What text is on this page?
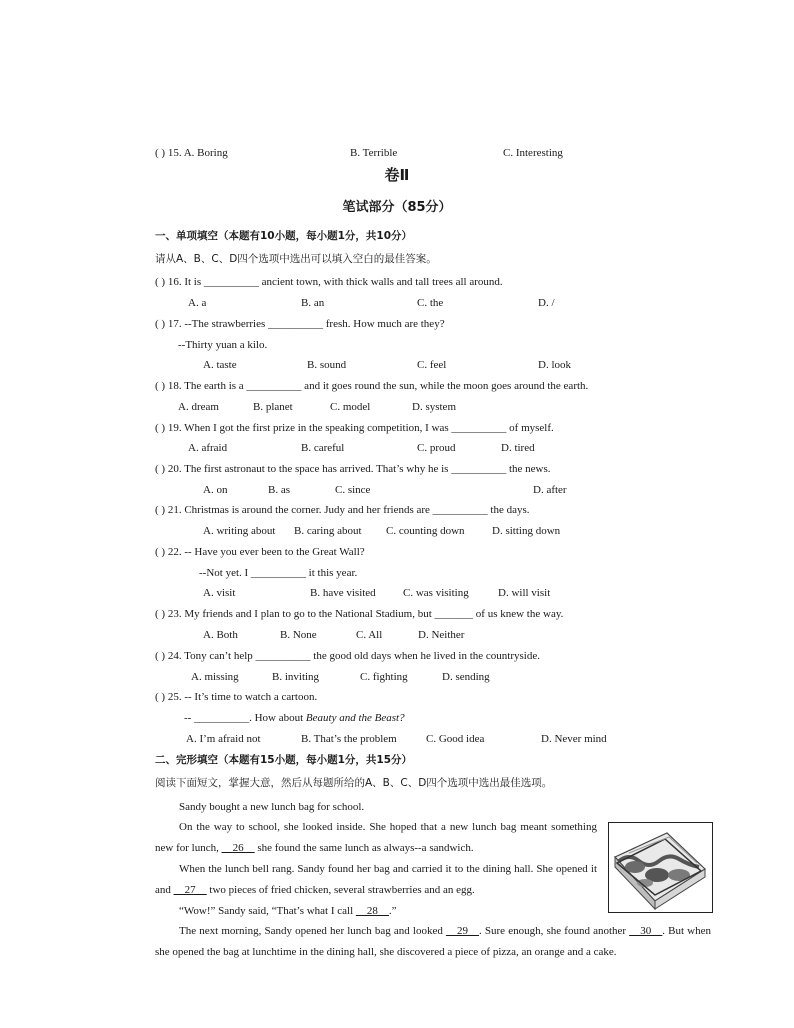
( ) 15. A. Boring	B. Terrible	C. Interesting
卷Ⅱ
笔试部分（85分）
一、单项填空（本题有10小题，每小题1分，共10分）
请从A、B、C、D四个选项中选出可以填入空白的最佳答案。
( ) 16. It is __________ ancient town, with thick walls and tall trees all around.
A. a	B. an	C. the	D. /
( ) 17. --The strawberries __________ fresh. How much are they?
--Thirty yuan a kilo.
A. taste	B. sound	C. feel	D. look
( ) 18. The earth is a __________ and it goes round the sun, while the moon goes around the earth.
A. dream	B. planet	C. model	D. system
( ) 19. When I got the first prize in the speaking competition, I was __________ of myself.
A. afraid	B. careful	C. proud	D. tired
( ) 20. The first astronaut to the space has arrived. That’s why he is __________ the news.
A. on	B. as	C. since	D. after
( ) 21. Christmas is around the corner. Judy and her friends are __________ the days.
A. writing about B. caring about C. counting down D. sitting down
( ) 22. -- Have you ever been to the Great Wall?
--Not yet. I __________ it this year.
A. visit	B. have visited C. was visiting	D. will visit
( ) 23. My friends and I plan to go to the National Stadium, but _______ of us knew the way.
A. Both	B. None	C. All	D. Neither
( ) 24. Tony can’t help __________ the good old days when he lived in the countryside.
A. missing	B. inviting	C. fighting	D. sending
( ) 25. -- It’s time to watch a cartoon.
-- __________. How about Beauty and the Beast?
A. I’m afraid not	B. That’s the problem	C. Good idea	D. Never mind
二、完形填空（本题有15小题，每小题1分，共15分）
阅读下面短文，掌握大意，然后从每题所给的A、B、C、D四个选项中选出最佳选项。
Sandy bought a new lunch bag for school.
On the way to school, she looked inside. She hoped that a new lunch bag meant something new for lunch, __26__ she found the same lunch as always--a sandwich.
When the lunch bell rang. Sandy found her bag and carried it to the dining hall. She opened it and __27__ two pieces of fried chicken, several strawberries and an egg.
“Wow!” Sandy said, “That’s what I call __28__.”
The next morning, Sandy opened her lunch bag and looked __29__. Sure enough, she found another __30__. But when she opened the bag at lunchtime in the dining hall, she discovered a piece of pizza, an orange and a cake.
